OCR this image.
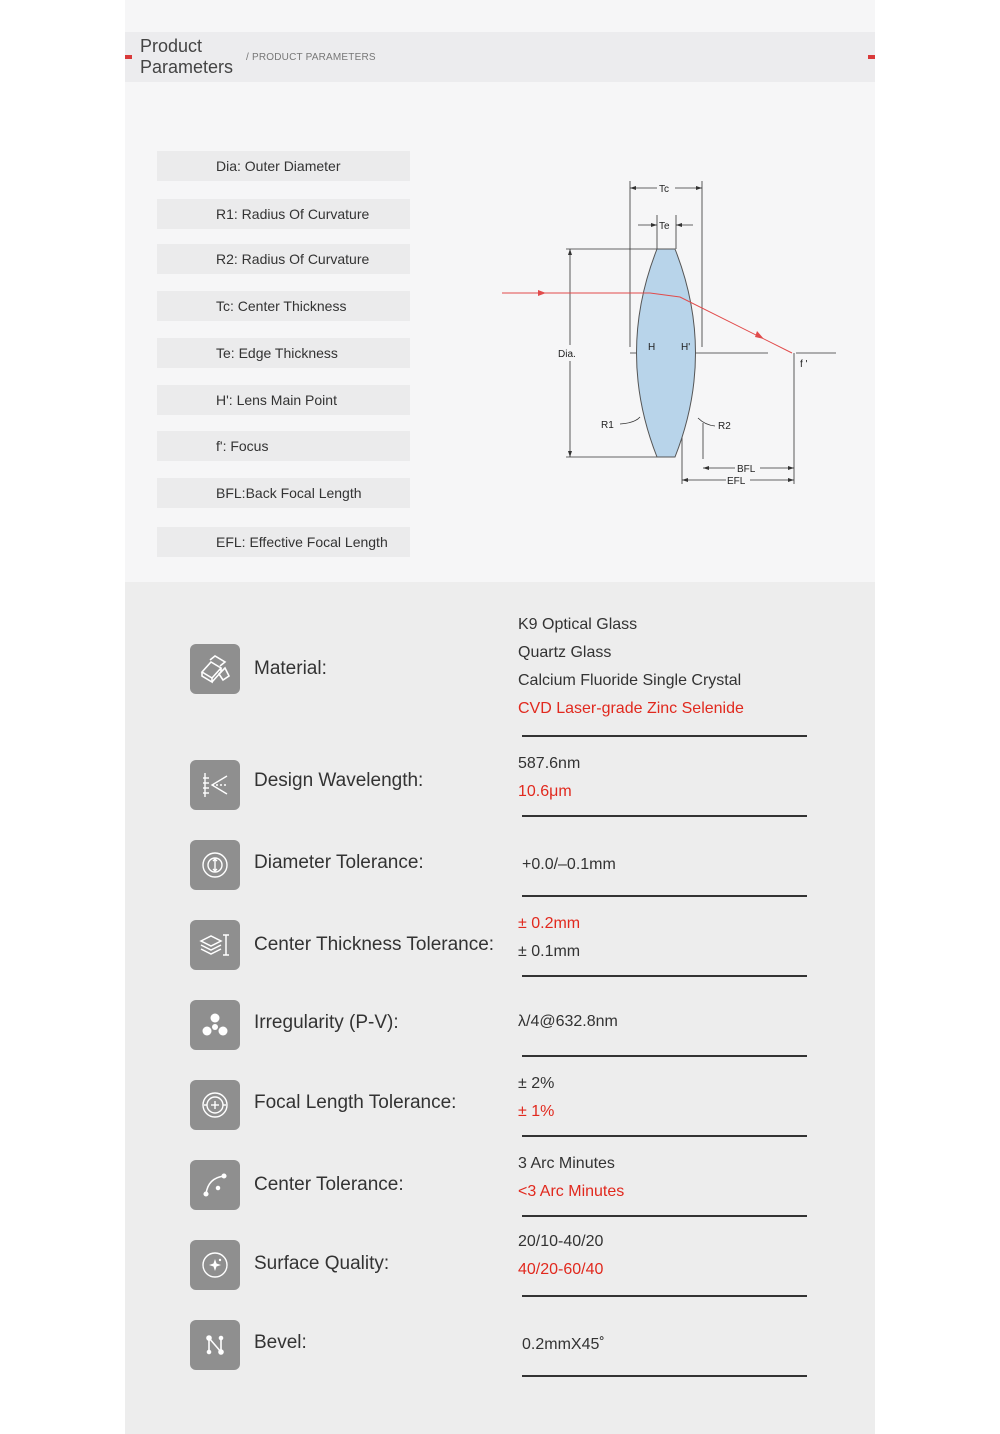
Product
Parameters / PRODUCT PARAMETERS
Dia: Outer Diameter
R1: Radius Of Curvature
R2: Radius Of Curvature
Tc: Center Thickness
Te: Edge Thickness
H': Lens Main Point
f': Focus
BFL:Back Focal Length
EFL: Effective Focal Length
Tc
Te
Dia.
H	H'
R1	R2
f '
BFL
EFL
Material:
K9 Optical Glass
Quartz Glass
Calcium Fluoride Single Crystal
CVD Laser-grade Zinc Selenide
Design Wavelength:
587.6nm
10.6μm
Diameter Tolerance:	+0.0/–0.1mm
Center Thickness Tolerance:
± 0.2mm
± 0.1mm
Irregularity (P-V):	λ/4@632.8nm
Focal Length Tolerance:
± 2%
± 1%
Center Tolerance:
3 Arc Minutes
<3 Arc Minutes
Surface Quality:
20/10-40/20
40/20-60/40
Bevel:	0.2mmX45˚
